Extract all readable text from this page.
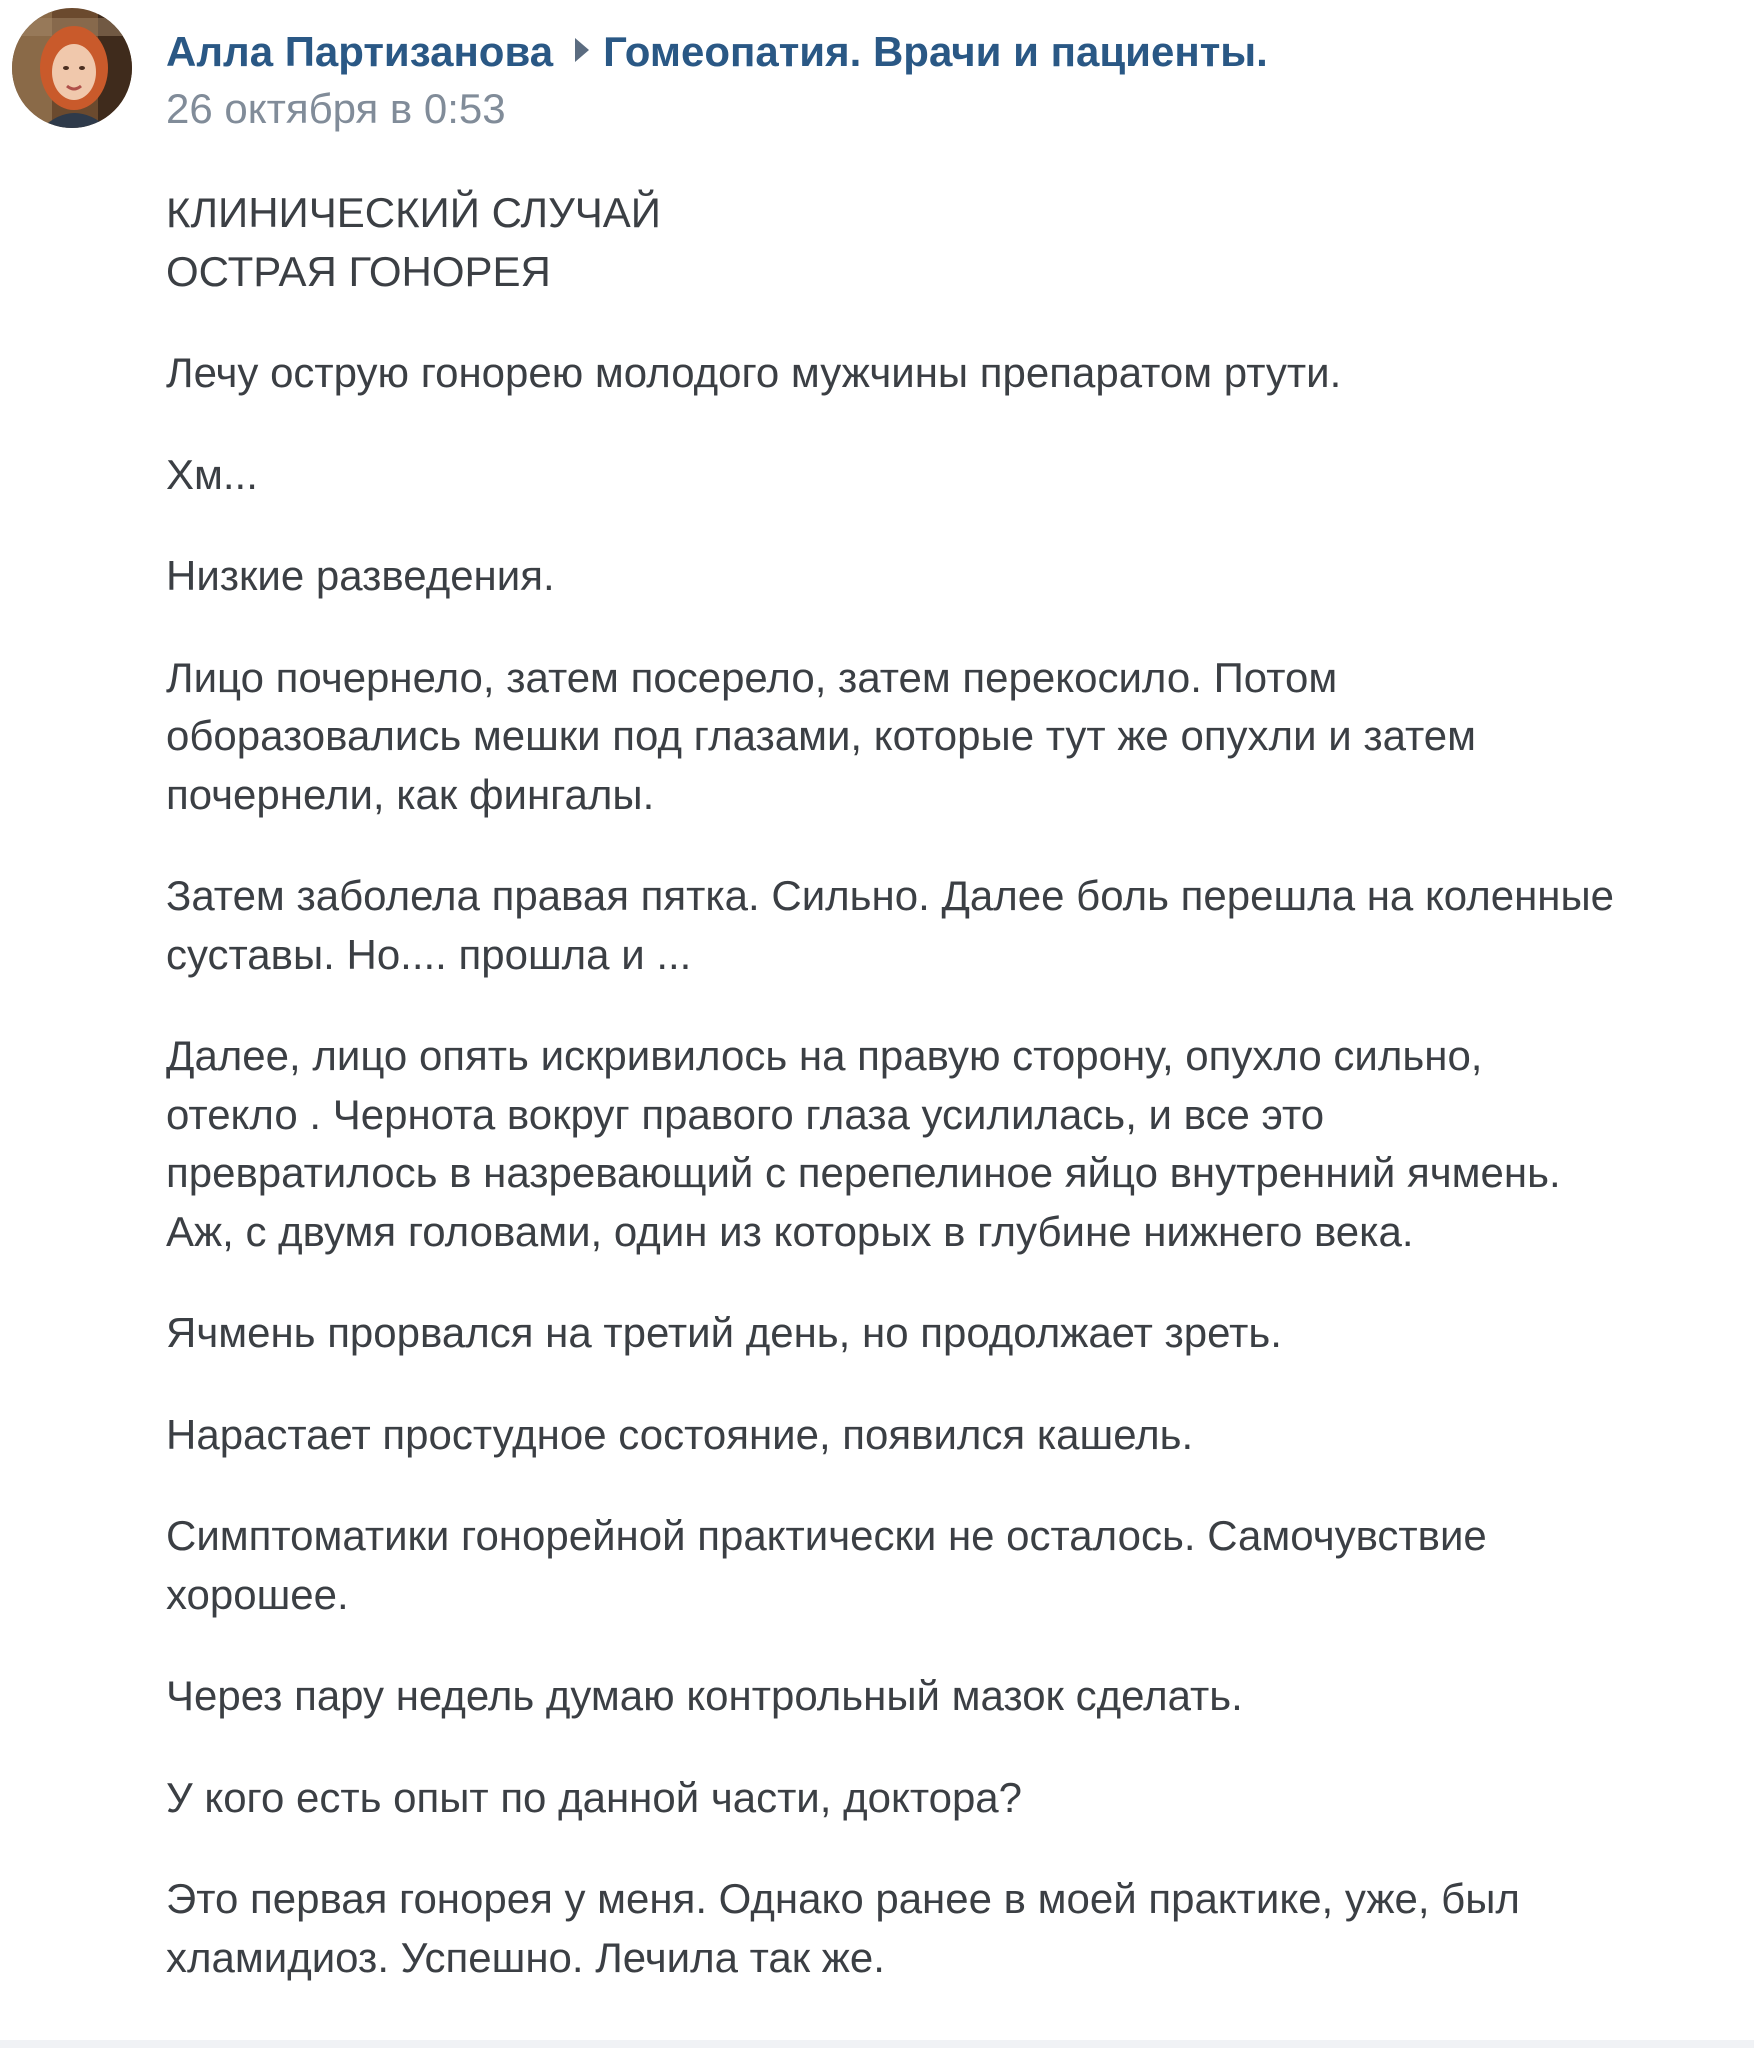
Алла Партизанова Гомеопатия. Врачи и пациенты.
26 октября в 0:53

КЛИНИЧЕСКИЙ СЛУЧАЙ
ОСТРАЯ ГОНОРЕЯ

Лечу острую гонорею молодого мужчины препаратом ртути.

Хм...

Низкие разведения.

Лицо почернело, затем посерело, затем перекосило. Потом
оборазовались мешки под глазами, которые тут же опухли и затем
почернели, как фингалы.

Затем заболела правая пятка. Сильно. Далее боль перешла на коленные
суставы. Но.... прошла и ...

Далее, лицо опять искривилось на правую сторону, опухло сильно,
отекло . Чернота вокруг правого глаза усилилась, и все это
превратилось в назревающий с перепелиное яйцо внутренний ячмень.
Аж, с двумя головами, один из которых в глубине нижнего века.

Ячмень прорвался на третий день, но продолжает зреть.

Нарастает простудное состояние, появился кашель.

Симптоматики гонорейной практически не осталось. Самочувствие
хорошее.

Через пару недель думаю контрольный мазок сделать.

У кого есть опыт по данной части, доктора?

Это первая гонорея у меня. Однако ранее в моей практике, уже, был
хламидиоз. Успешно. Лечила так же.
